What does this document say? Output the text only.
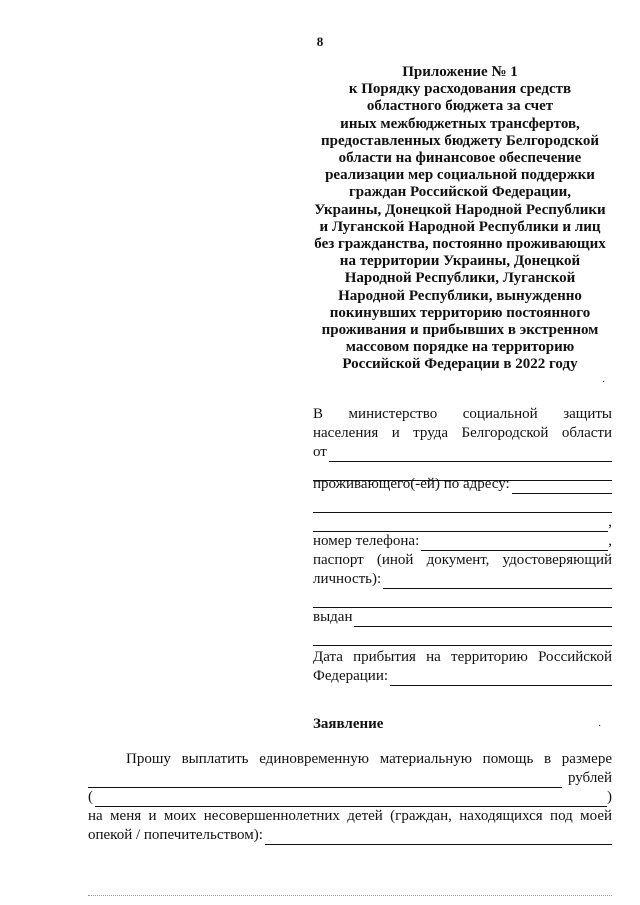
8
Приложение № 1
к Порядку расходования средств
областного бюджета за счет
иных межбюджетных трансфертов,
предоставленных бюджету Белгородской
области на финансовое обеспечение
реализации мер социальной поддержки
граждан Российской Федерации,
Украины, Донецкой Народной Республики
и Луганской Народной Республики и лиц
без гражданства, постоянно проживающих
на территории Украины, Донецкой
Народной Республики, Луганской
Народной Республики, вынужденно
покинувших территорию постоянного
проживания и прибывших в экстренном
массовом порядке на территорию
Российской Федерации в 2022 году
·
В министерство социальной защиты
населения и труда Белгородской области
от
проживающего(-ей) по адресу:
,
номер телефона:	,
паспорт (иной документ, удостоверяющий
личность):
выдан
Дата прибытия на территорию Российской
Федерации:
Заявление	·
Прошу выплатить единовременную материальную помощь в размере
рублей
(	)
на меня и моих несовершеннолетних детей (граждан, находящихся под моей
опекой / попечительством):
